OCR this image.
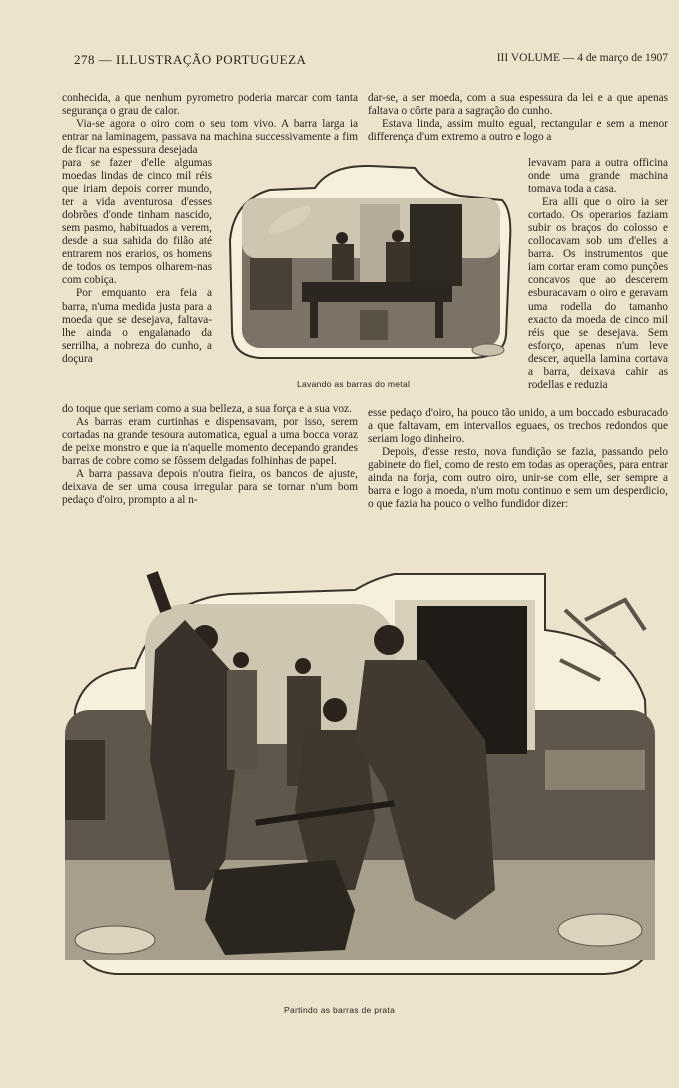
278 — ILLUSTRAÇÃO PORTUGUEZA	III VOLUME — 4 de março de 1907

conhecida, a que nenhum pyrometro poderia marcar com tanta segurança o grau de calor.

Via-se agora o oiro com o seu tom vivo. A barra larga ia entrar na laminagem, passava na machina successivamente a fim de ficar na espessura desejada

para se fazer d'elle algumas moedas lindas de cinco mil réis que iriam depois correr mundo, ter a vida aventurosa d'esses dobrões d'onde tinham nascido, sem pasmo, habituados a verem, desde a sua sahida do filão até entrarem nos erarios, os homens de todos os tempos olharem-nas com cobiça.

Por emquanto era feia a barra, n'uma medida justa para a moeda que se desejava, faltava-lhe ainda o engalanado da serrilha, a nobreza do cunho, a doçura

do toque que seriam como a sua belleza, a sua força e a sua voz.

As barras eram curtinhas e dispensavam, por isso, serem cortadas na grande tesoura automatica, egual a uma bocca voraz de peixe monstro e que ia n'aquelle momento decepando grandes barras de cobre como se fôssem delgadas folhinhas de papel.

A barra passava depois n'outra fieira, os bancos de ajuste, deixava de ser uma cousa irregular para se tornar n'um bom pedaço d'oiro, prompto a al n-

dar-se, a ser moeda, com a sua espessura da lei e a que apenas faltava o côrte para a sagração do cunho.

Estava linda, assim muito egual, rectangular e sem a menor differença d'um extremo a outro e logo a

levavam para a outra officina onde uma grande machina tomava toda a casa.

Era alli que o oiro ia ser cortado. Os operarios faziam subir os braços do colosso e collocavam sob um d'elles a barra. Os instrumentos que iam cortar eram como punções concavos que ao descerem esburacavam o oiro e geravam uma rodella do tamanho exacto da moeda de cinco mil réis que se desejava. Sem esforço, apenas n'um leve descer, aquella lamina cortava a barra, deixava cahir as rodellas e reduzia

esse pedaço d'oiro, ha pouco tão unido, a um boccado esburacado a que faltavam, em intervallos eguaes, os trechos redondos que seriam logo dinheiro.

Depois, d'esse resto, nova fundição se fazia, passando pelo gabinete do fiel, como de resto em todas as operações, para entrar ainda na forja, com outro oiro, unir-se com elle, ser sempre a barra e logo a moeda, n'um motu continuo e sem um desperdicio, o que fazia ha pouco o velho fundidor dizer:

Lavando as barras do metal
Partindo as barras de prata
